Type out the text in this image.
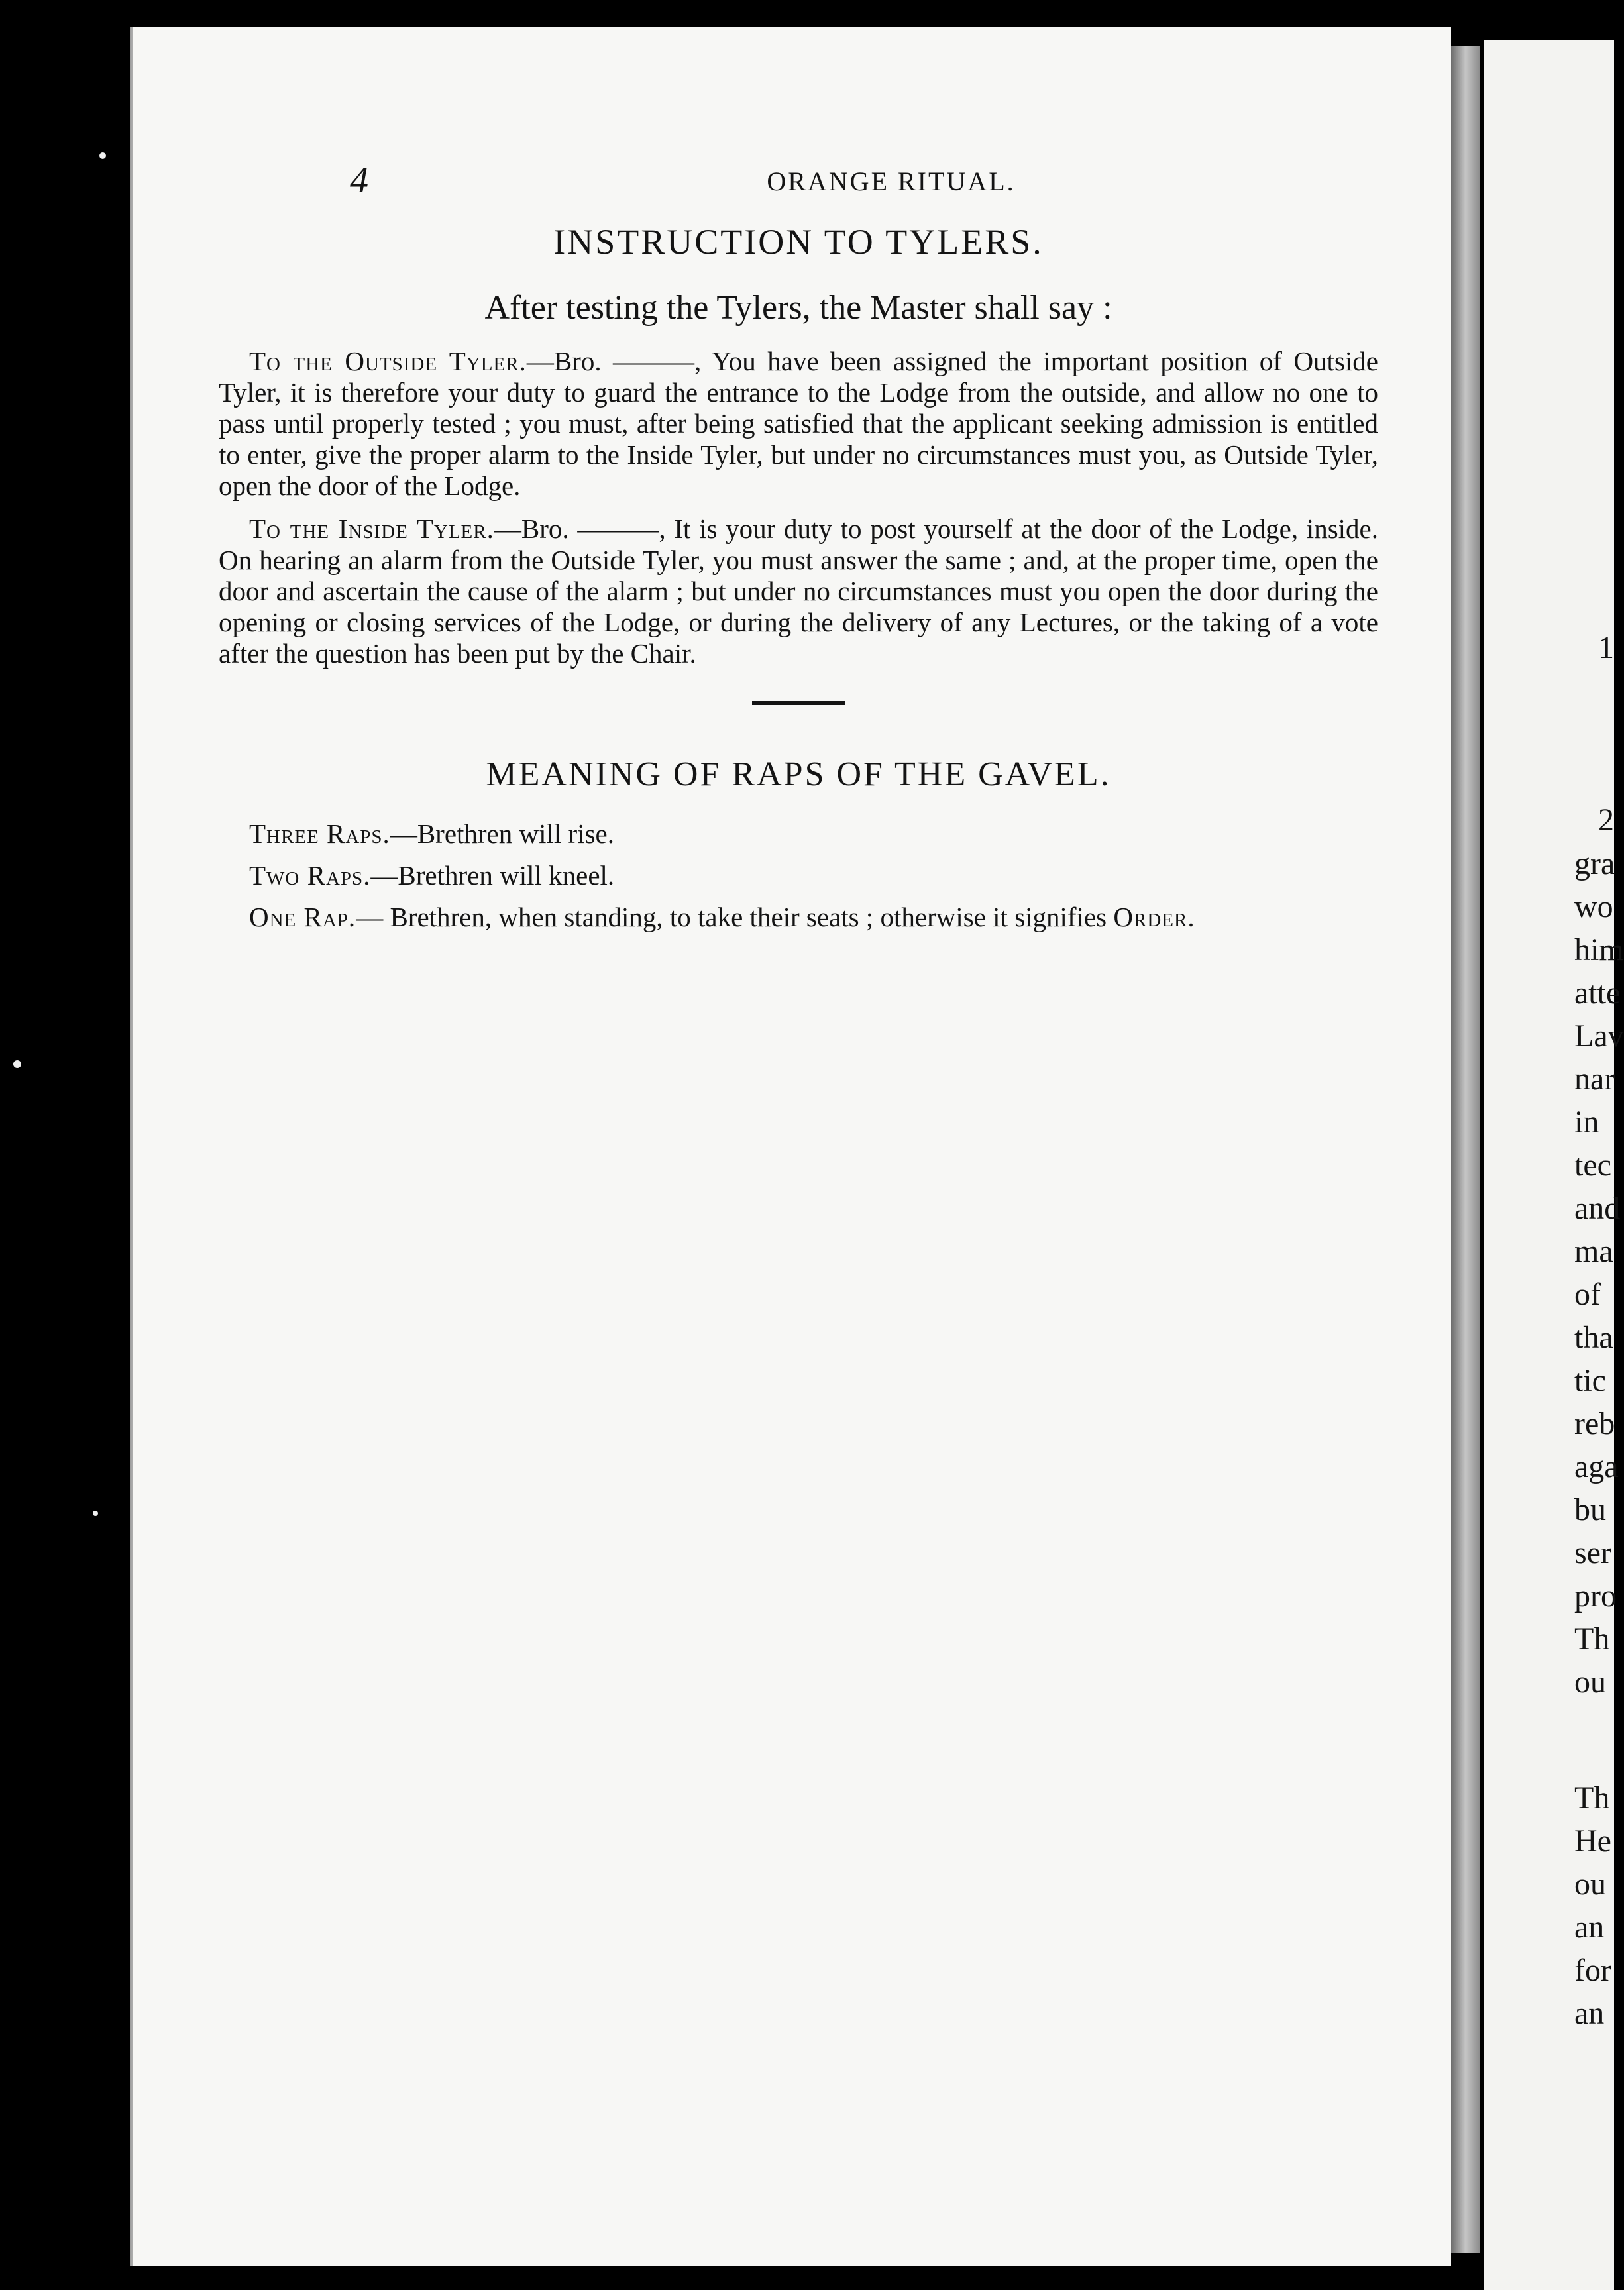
4	ORANGE RITUAL.
INSTRUCTION TO TYLERS.
After testing the Tylers, the Master shall say :

To the Outside Tyler.—Bro. ———, You have been assigned the important position of Outside Tyler, it is therefore your duty to guard the entrance to the Lodge from the outside, and allow no one to pass until properly tested ; you must, after being satisfied that the applicant seeking admission is entitled to enter, give the proper alarm to the Inside Tyler, but under no circumstances must you, as Outside Tyler, open the door of the Lodge.

To the Inside Tyler.—Bro. ———, It is your duty to post yourself at the door of the Lodge, inside. On hearing an alarm from the Outside Tyler, you must answer the same ; and, at the proper time, open the door and ascertain the cause of the alarm ; but under no circumstances must you open the door during the opening or closing services of the Lodge, or during the delivery of any Lectures, or the taking of a vote after the question has been put by the Chair.

MEANING OF RAPS OF THE GAVEL.

Three Raps.—Brethren will rise.

Two Raps.—Brethren will kneel.

One Rap.— Brethren, when standing, to take their seats ; otherwise it signifies Order.

1
2
gra
wo
him
atte
Lav
nar
in
tec
and
ma
of
tha
tic
reb
aga
bu
ser
pro
Th
ou
Th
He
ou
an
for
an
